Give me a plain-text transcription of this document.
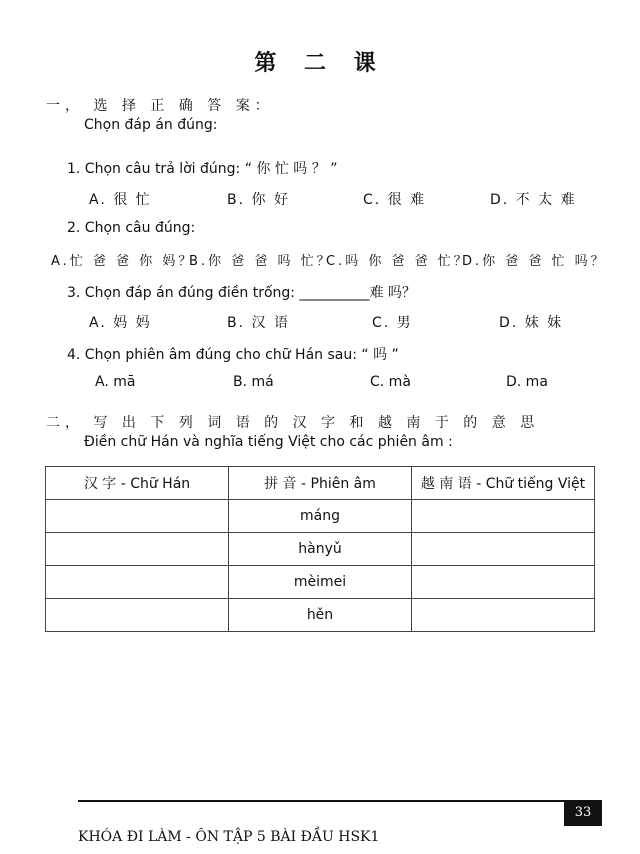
第 二 课
一， 选 择 正 确 答 案：
Chọn đáp án đúng:
1. Chọn câu trả lời đúng: “ 你 忙 吗 ？ ”
A. 很 忙	B. 你 好	C. 很 难	D. 不 太 难
2. Chọn câu đúng:
A.忙 爸 爸 你 妈？
B.你 爸 爸 吗 忙？
C.吗 你 爸 爸 忙？
D.你 爸 爸 忙 吗？
3. Chọn đáp án đúng điền trống: __________难 吗？
A. 妈 妈	B. 汉 语	C. 男	D. 妹 妹
4. Chọn phiên âm đúng cho chữ Hán sau: “ 吗 ”
A. mā	B. má	C. mà	D. ma
二， 写 出 下 列 词 语 的 汉 字 和 越 南 于 的 意 思
Điền chữ Hán và nghĩa tiếng Việt cho các phiên âm :
汉 字 - Chữ Hán	拼 音 - Phiên âm	越 南 语 - Chữ tiếng Việt
	máng	
	hànyǔ	
	mèimei	
	hěn	
33
KHÓA ĐI LÀM - ÔN TẬP 5 BÀI ĐẦU HSK1
